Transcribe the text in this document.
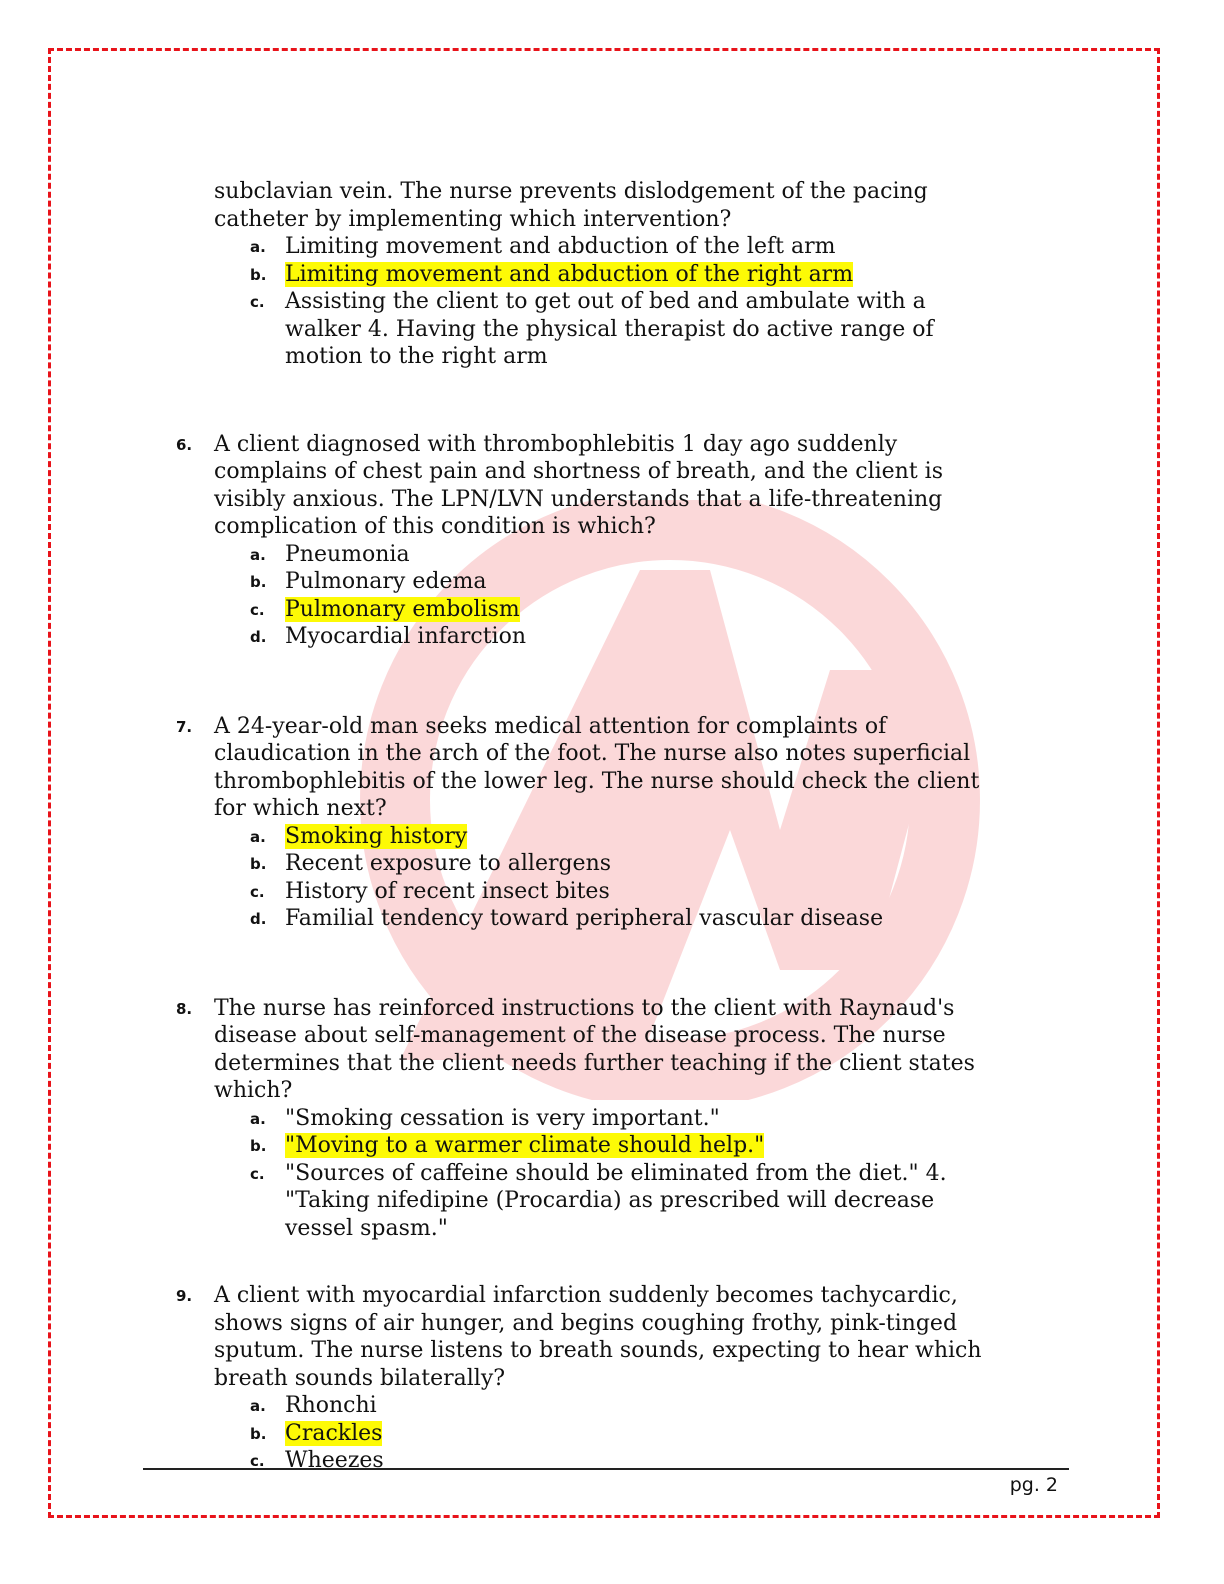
subclavian vein. The nurse prevents dislodgement of the pacing catheter by implementing which intervention?
a. Limiting movement and abduction of the left arm
b. Limiting movement and abduction of the right arm
c. Assisting the client to get out of bed and ambulate with a walker 4. Having the physical therapist do active range of motion to the right arm
6. A client diagnosed with thrombophlebitis 1 day ago suddenly complains of chest pain and shortness of breath, and the client is visibly anxious. The LPN/LVN understands that a life-threatening complication of this condition is which?
a. Pneumonia
b. Pulmonary edema
c. Pulmonary embolism
d. Myocardial infarction
7. A 24-year-old man seeks medical attention for complaints of claudication in the arch of the foot. The nurse also notes superficial thrombophlebitis of the lower leg. The nurse should check the client for which next?
a. Smoking history
b. Recent exposure to allergens
c. History of recent insect bites
d. Familial tendency toward peripheral vascular disease
8. The nurse has reinforced instructions to the client with Raynaud's disease about self-management of the disease process. The nurse determines that the client needs further teaching if the client states which?
a. "Smoking cessation is very important."
b. "Moving to a warmer climate should help."
c. "Sources of caffeine should be eliminated from the diet." 4. "Taking nifedipine (Procardia) as prescribed will decrease vessel spasm."
9. A client with myocardial infarction suddenly becomes tachycardic, shows signs of air hunger, and begins coughing frothy, pink-tinged sputum. The nurse listens to breath sounds, expecting to hear which breath sounds bilaterally?
a. Rhonchi
b. Crackles
c. Wheezes
pg. 2
